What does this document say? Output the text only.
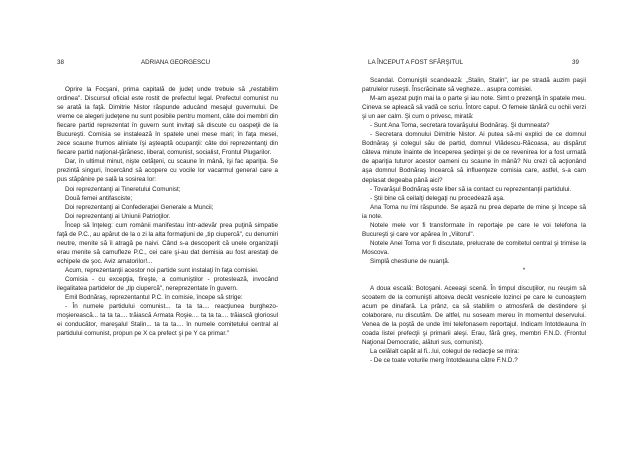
38	ADRIANA GEORGESCU

Oprire la Focşani, prima capitală de judeţ unde trebuie să „restabilim ordinea". Discursul oficial este rostit de prefectul legal. Prefectul comunist nu se arată la faţă. Dimitrie Nistor răspunde aducând mesajul guvernului. De vreme ce alegeri judeţene nu sunt posibile pentru moment, câte doi membri din fiecare partid reprezentat în guvern sunt invitaţi să discute cu oaspeţii de la Bucureşti. Comisia se instalează în spatele unei mese mari; în faţa mesei, zece scaune frumos aliniate îşi aşteaptă ocupanţii: câte doi reprezentanţi din fiecare partid naţional-ţărănesc, liberal, comunist, socialist, Frontul Plugarilor.

Dar, în ultimul minut, nişte cetăţeni, cu scaune în mână, îşi fac apariţia. Se prezintă singuri, încercând să acopere cu vocile lor vacarmul general care a pus stăpânire pe sală la sosirea lor:

Doi reprezentanţi ai Tineretului Comunist;

Două femei antifasciste;

Doi reprezentanţi ai Confederaţiei Generale a Muncii;

Doi reprezentanţi ai Uniunii Patrioţilor.

Încep să înţeleg: cum românii manifestau într-adevăr prea puţină simpatie faţă de P.C., au apărut de la o zi la alta formaţiuni de „tip ciupercă", cu denumiri neutre, menite să îi atragă pe naivi. Când s-a descoperit că unele organizaţii erau menite să camufleze P.C., cei care şi-au dat demisia au fost arestaţi de echipele de şoc. Aviz amatorilor!...

Acum, reprezentanţii acestor noi partide sunt instalaţi în faţa comisiei.

Comisia - cu excepţia, fireşte, a comuniştilor - protestează, invocând ilegalitatea partidelor de „tip ciupercă", nereprezentate în guvern.

Emil Bodnăraş, reprezentantul P.C. în comisie, începe să strige:

- În numele partidului comunist... ta ta ta.... reacţiunea burghezo-moşierească... ta ta ta.... trăiască Armata Roşie.... ta ta ta.... trăiască gloriosul ei conducător, mareşalul Stalin... ta ta ta.... în numele comitetului central al partidului comunist, propun pe X ca prefect şi pe Y ca primar."

LA ÎNCEPUT A FOST SFÂRŞITUL	39

Scandal. Comuniştii scandează: „Stalin, Stalin", iar pe stradă auzim paşii patrulelor ruseşti. Înscrăcinate să vegheze... asupra comisiei.

M-am aşezat puţin mai la o parte şi iau note. Simt o prezenţă în spatele meu. Cineva se apleacă să vadă ce scriu. Întorc capul. O femeie tânără cu ochii verzi şi un aer calm. Şi cum o privesc, mirată:

- Sunt Ana Toma, secretara tovarăşului Bodnăraş. Şi dumneata?

- Secretara domnului Dimitrie Nistor. Ai putea să-mi explici de ce domnul Bodnăraş şi colegul său de partid, domnul Vlădescu-Răcoasa, au dispărut câteva minute înainte de începerea şedinţei şi de ce revenirea lor a fost urmată de apariţia tuturor acestor oameni cu scaune în mână? Nu crezi că acţionând aşa domnul Bodnăraş încearcă să influenţeze comisia care, astfel, s-a cam deplasat degeaba până aici?

- Tovarăşul Bodnăraş este liber să ia contact cu reprezentanţii partidului.

- Ştii bine că ceilalţi delegaţi nu procedează aşa.

Ana Toma nu îmi răspunde. Se aşază nu prea departe de mine şi începe să ia note.

Notele mele vor fi transformate în reportaje pe care le voi telefona la Bucureşti şi care vor apărea în „Viitorul".

Notele Anei Toma vor fi discutate, prelucrate de comitetul central şi trimise la Moscova.

Simplă chestiune de nuanţă.

*

A doua escală: Botoşani. Aceeaşi scenă. În timpul discuţiilor, nu reuşim să scoatem de la comunişti altceva decât vesnicele lozinci pe care le cunoaştem acum pe dinafară. La prânz, ca să stabilim o atmosferă de destindere şi colaborare, nu discutăm. De altfel, nu soseam mereu în momentul deservului. Venea de la poştă de unde îmi telefonasem reportajul. Indicam întotdeauna în coada listei prefecţii şi primarii aleşi. Erau, fără greş, membri F.N.D. (Frontul Naţional Democratic, alături sus, comunist).

La celălalt capăt al fi...lui, colegul de redacţie se mira:

- De ce toate voturile merg întotdeauna către F.N.D.?
